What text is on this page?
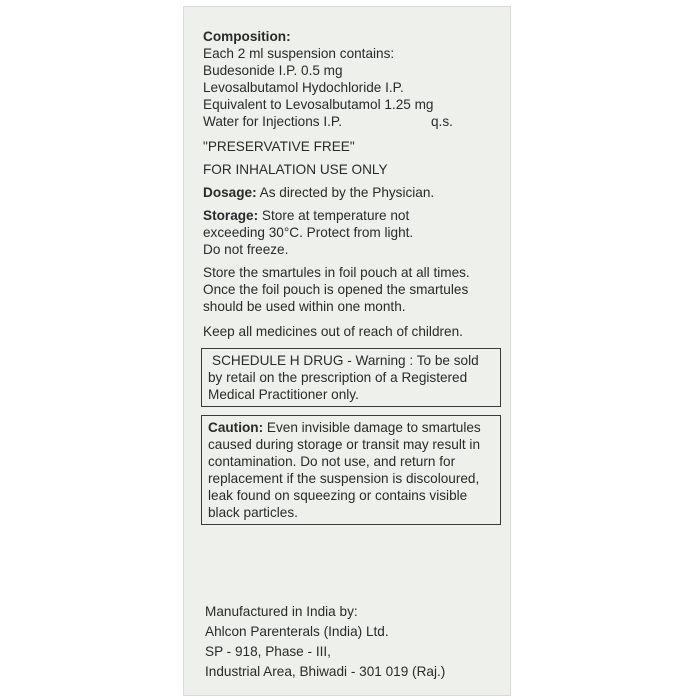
Composition:
Each 2 ml suspension contains:
Budesonide I.P. 0.5 mg
Levosalbutamol Hydochloride I.P.
Equivalent to Levosalbutamol 1.25 mg
Water for Injections I.P.	q.s.
"PRESERVATIVE FREE"
FOR INHALATION USE ONLY
Dosage: As directed by the Physician.
Storage: Store at temperature not
exceeding 30°C. Protect from light.
Do not freeze.
Store the smartules in foil pouch at all times.
Once the foil pouch is opened the smartules
should be used within one month.
Keep all medicines out of reach of children.
SCHEDULE H DRUG - Warning : To be sold
by retail on the prescription of a Registered
Medical Practitioner only.
Caution: Even invisible damage to smartules
caused during storage or transit may result in
contamination. Do not use, and return for
replacement if the suspension is discoloured,
leak found on squeezing or contains visible
black particles.
Manufactured in India by:
Ahlcon Parenterals (India) Ltd.
SP - 918, Phase - III,
Industrial Area, Bhiwadi - 301 019 (Raj.)
